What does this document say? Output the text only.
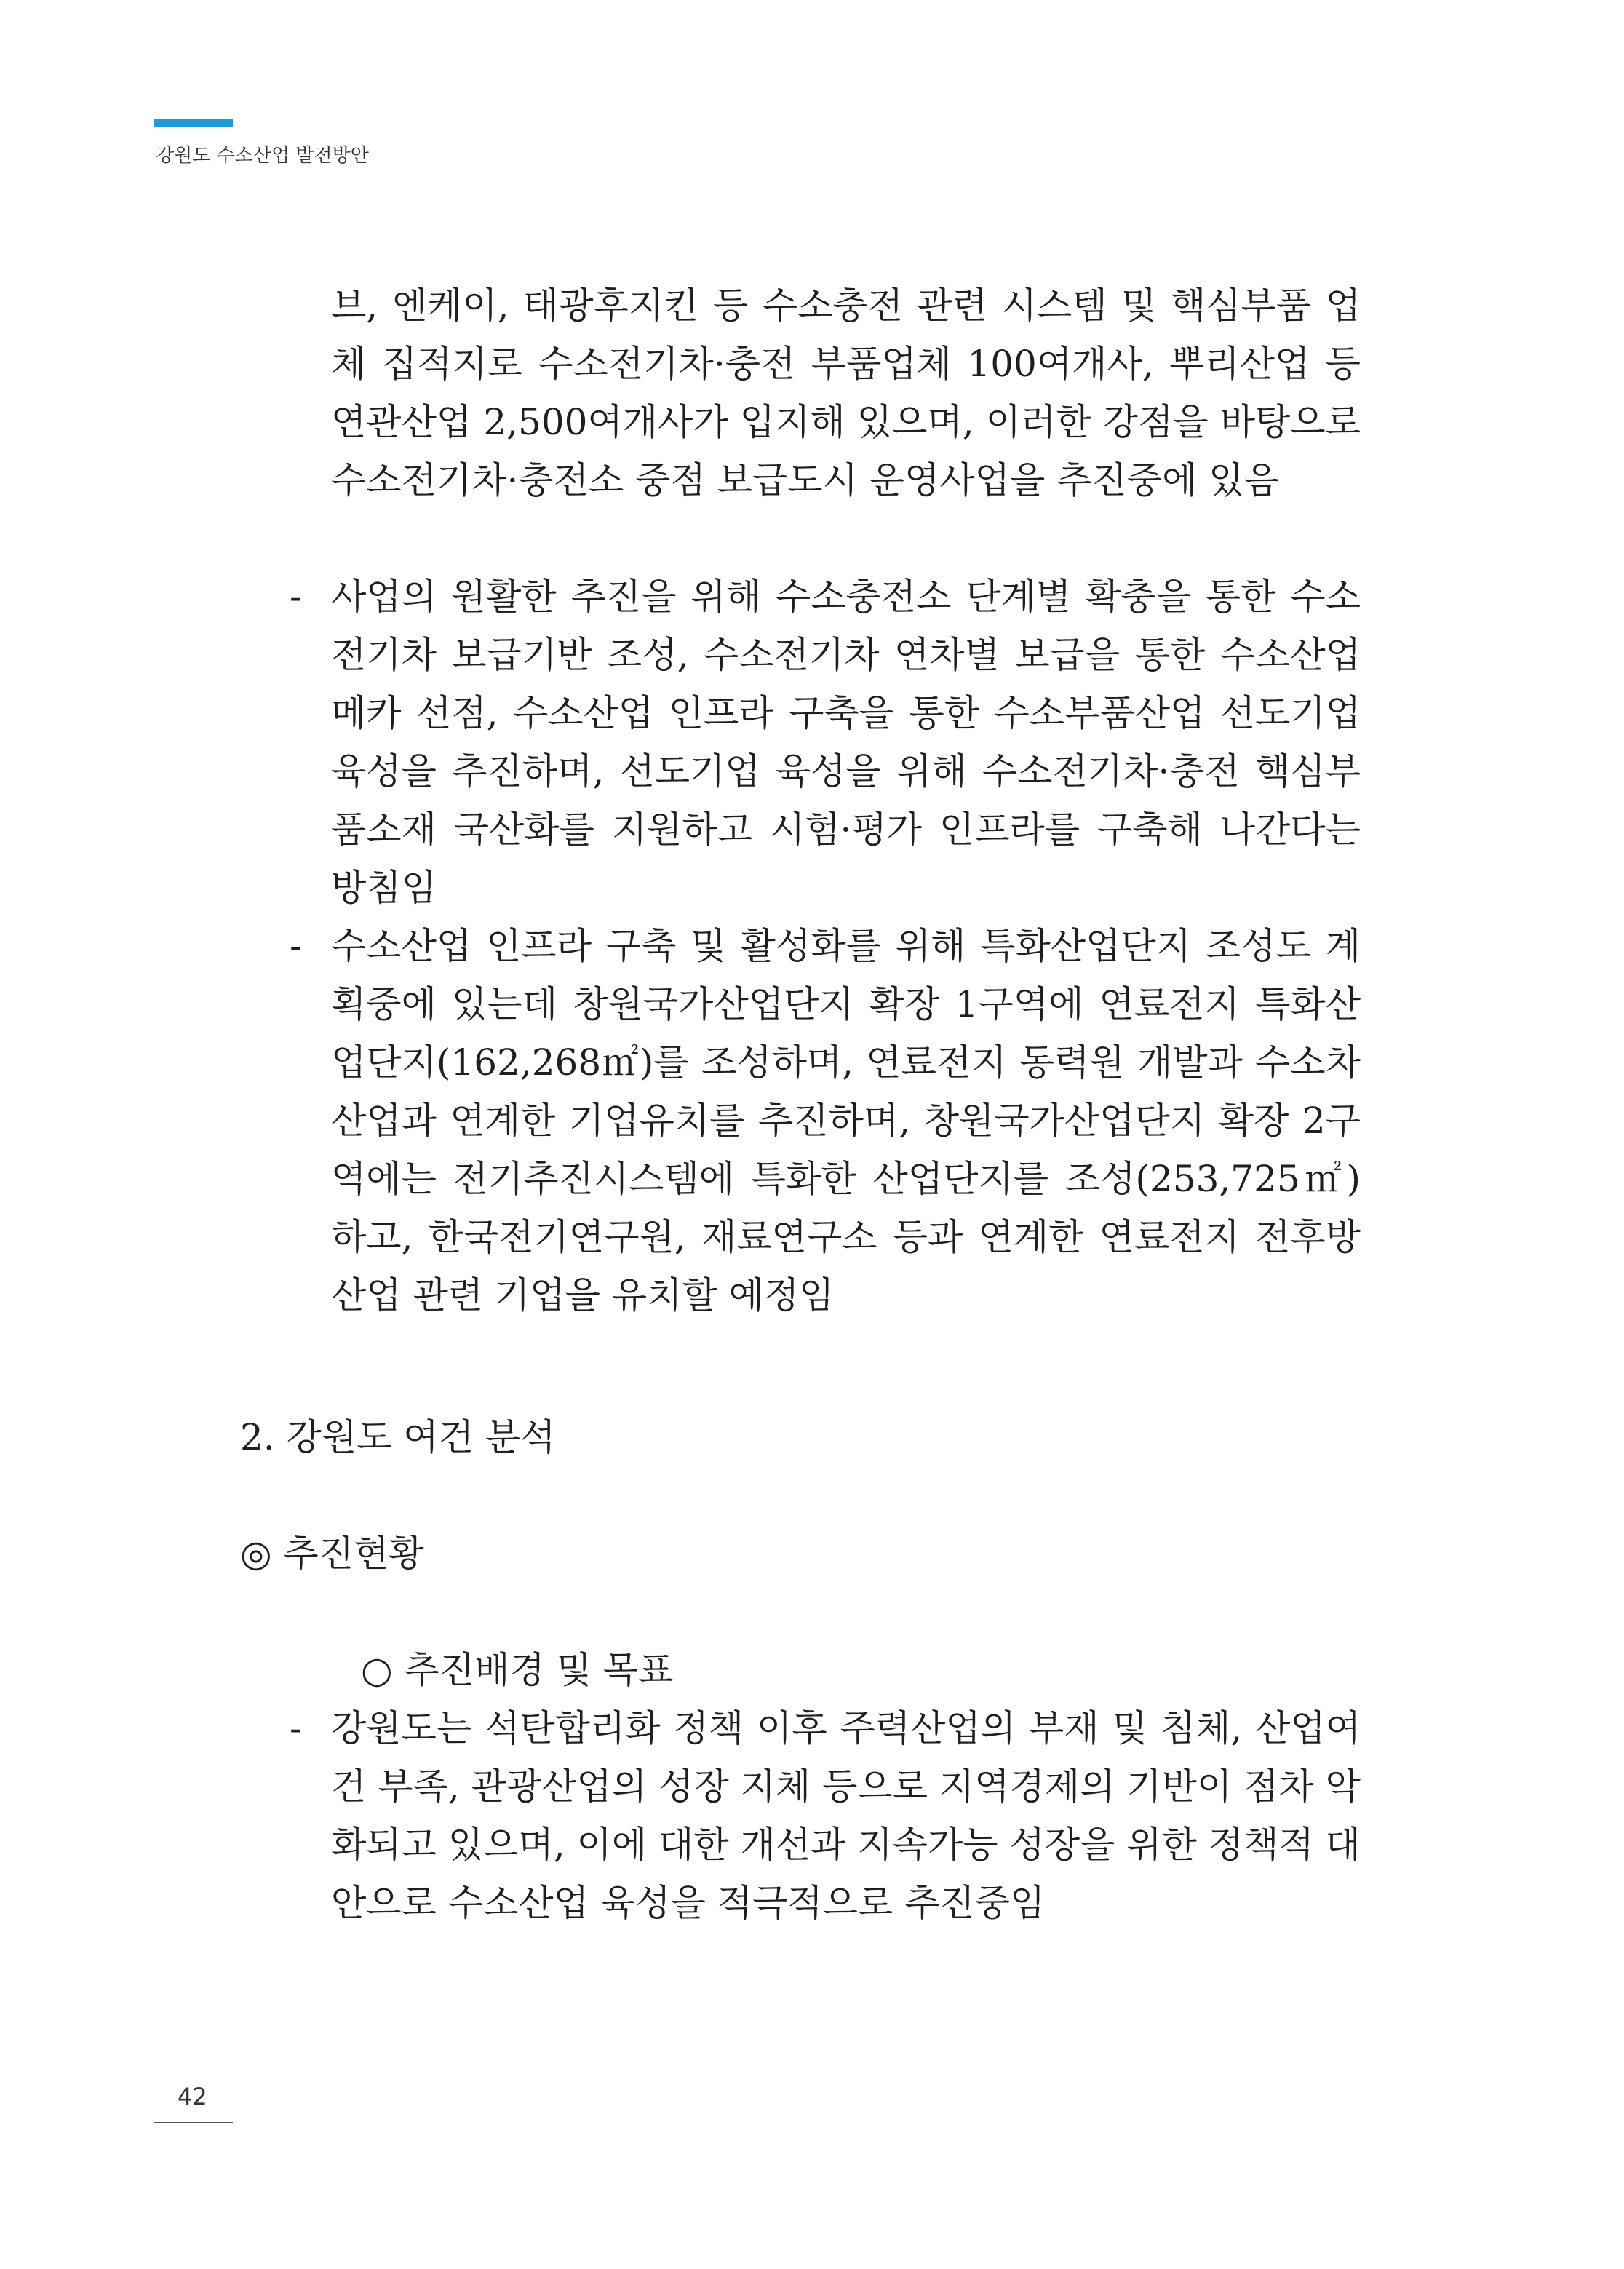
강원도 수소산업 발전방안

브, 엔케이, 태광후지킨 등 수소충전 관련 시스템 및 핵심부품 업체 집적지로 수소전기차·충전 부품업체 100여개사, 뿌리산업 등 연관산업 2,500여개사가 입지해 있으며, 이러한 강점을 바탕으로 수소전기차·충전소 중점 보급도시 운영사업을 추진중에 있음

- 사업의 원활한 추진을 위해 수소충전소 단계별 확충을 통한 수소전기차 보급기반 조성, 수소전기차 연차별 보급을 통한 수소산업 메카 선점, 수소산업 인프라 구축을 통한 수소부품산업 선도기업 육성을 추진하며, 선도기업 육성을 위해 수소전기차·충전 핵심부품소재 국산화를 지원하고 시험·평가 인프라를 구축해 나간다는 방침임

- 수소산업 인프라 구축 및 활성화를 위해 특화산업단지 조성도 계획중에 있는데 창원국가산업단지 확장 1구역에 연료전지 특화산업단지(162,268㎡)를 조성하며, 연료전지 동력원 개발과 수소차산업과 연계한 기업유치를 추진하며, 창원국가산업단지 확장 2구역에는 전기추진시스템에 특화한 산업단지를 조성(253,725㎡)하고, 한국전기연구원, 재료연구소 등과 연계한 연료전지 전후방산업 관련 기업을 유치할 예정임

2. 강원도 여건 분석
◎ 추진현황
○ 추진배경 및 목표
- 강원도는 석탄합리화 정책 이후 주력산업의 부재 및 침체, 산업여건 부족, 관광산업의 성장 지체 등으로 지역경제의 기반이 점차 악화되고 있으며, 이에 대한 개선과 지속가능 성장을 위한 정책적 대안으로 수소산업 육성을 적극적으로 추진중임

42
